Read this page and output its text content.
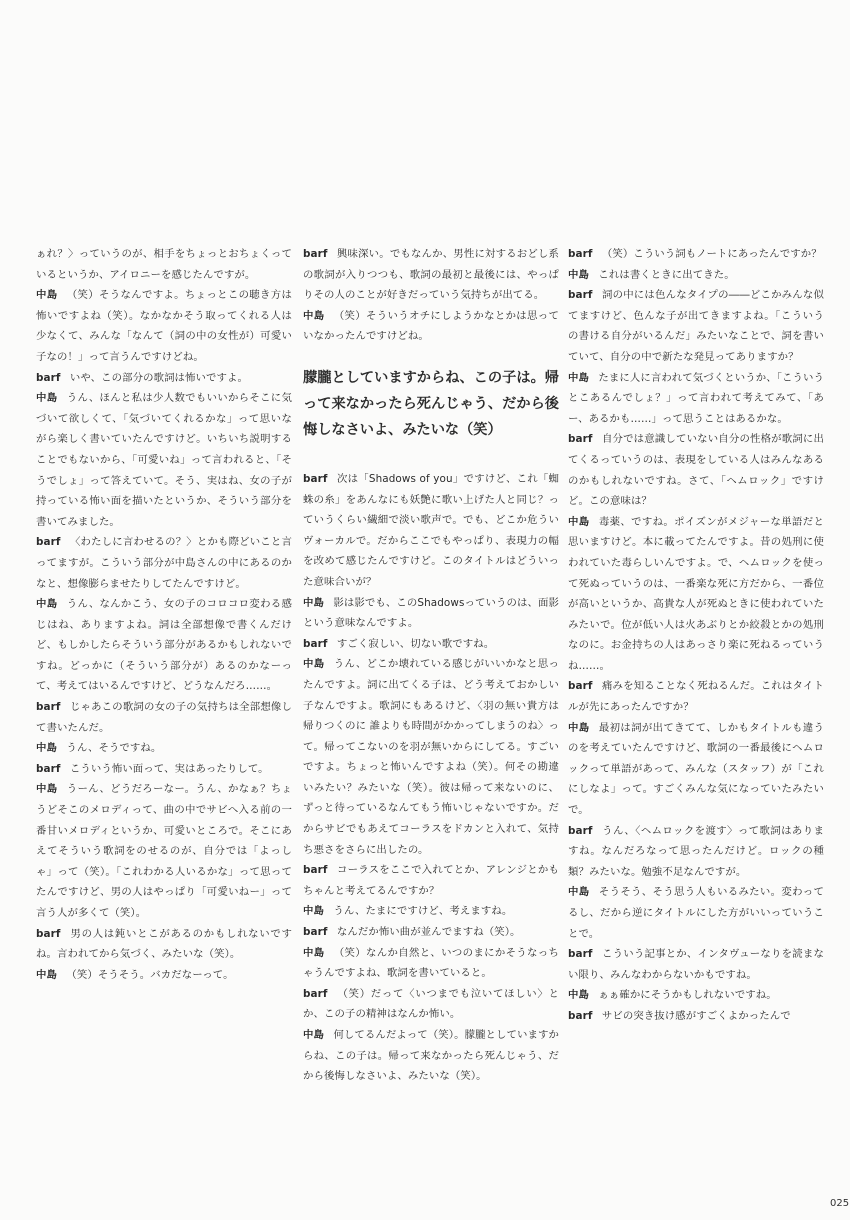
ぁれ？〉っていうのが、相手をちょっとおちょくっているというか、アイロニーを感じたんですが。

中島 （笑）そうなんですよ。ちょっとこの聴き方は怖いですよね（笑）。なかなかそう取ってくれる人は少なくて、みんな「なんて（詞の中の女性が）可愛い子なの！」って言うんですけどね。

barf いや、この部分の歌詞は怖いですよ。

中島 うん、ほんと私は少人数でもいいからそこに気づいて欲しくて、「気づいてくれるかな」って思いながら楽しく書いていたんですけど。いちいち説明することでもないから、「可愛いね」って言われると、「そうでしょ」って答えていて。そう、実はね、女の子が持っている怖い面を描いたというか、そういう部分を書いてみました。

barf 〈わたしに言わせるの？〉とかも際どいこと言ってますが。こういう部分が中島さんの中にあるのかなと、想像膨らませたりしてたんですけど。

中島 うん、なんかこう、女の子のコロコロ変わる感じはね、ありますよね。詞は全部想像で書くんだけど、もしかしたらそういう部分があるかもしれないですね。どっかに（そういう部分が）あるのかなーって、考えてはいるんですけど、どうなんだろ……。

barf じゃあこの歌詞の女の子の気持ちは全部想像して書いたんだ。

中島 うん、そうですね。

barf こういう怖い面って、実はあったりして。

中島 うーん、どうだろーなー。うん、かなぁ？ちょうどそこのメロディって、曲の中でサビへ入る前の一番甘いメロディというか、可愛いところで。そこにあえてそういう歌詞をのせるのが、自分では「よっしゃ」って（笑）。「これわかる人いるかな」って思ってたんですけど、男の人はやっぱり「可愛いねー」って言う人が多くて（笑）。

barf 男の人は鈍いとこがあるのかもしれないですね。言われてから気づく、みたいな（笑）。

中島 （笑）そうそう。バカだなーって。

barf 興味深い。でもなんか、男性に対するおどし系の歌詞が入りつつも、歌詞の最初と最後には、やっぱりその人のことが好きだっていう気持ちが出てる。

中島 （笑）そういうオチにしようかなとかは思っていなかったんですけどね。

朦朧としていますからね、この子は。帰って来なかったら死んじゃう、だから後悔しなさいよ、みたいな（笑）

barf 次は「Shadows of you」ですけど、これ「蜘蛛の糸」をあんなにも妖艶に歌い上げた人と同じ？っていうくらい繊細で淡い歌声で。でも、どこか危ういヴォーカルで。だからここでもやっぱり、表現力の幅を改めて感じたんですけど。このタイトルはどういった意味合いが？

中島 影は影でも、このShadowsっていうのは、面影という意味なんですよ。

barf すごく寂しい、切ない歌ですね。

中島 うん、どこか壊れている感じがいいかなと思ったんですよ。詞に出てくる子は、どう考えておかしい子なんですよ。歌詞にもあるけど、〈羽の無い貴方は帰りつくのに 誰よりも時間がかかってしまうのね〉って。帰ってこないのを羽が無いからにしてる。すごいですよ。ちょっと怖いんですよね（笑）。何その勘違いみたい？みたいな（笑）。彼は帰って来ないのに、ずっと待っているなんてもう怖いじゃないですか。だからサビでもあえてコーラスをドカンと入れて、気持ち悪さをさらに出したの。

barf コーラスをここで入れてとか、アレンジとかもちゃんと考えてるんですか？

中島 うん、たまにですけど、考えますね。

barf なんだか怖い曲が並んでますね（笑）。

中島 （笑）なんか自然と、いつのまにかそうなっちゃうんですよね、歌詞を書いていると。

barf （笑）だって〈いつまでも泣いてほしい〉とか、この子の精神はなんか怖い。

中島 何してるんだよって（笑）。朦朧としていますからね、この子は。帰って来なかったら死んじゃう、だから後悔しなさいよ、みたいな（笑）。

barf （笑）こういう詞もノートにあったんですか？

中島 これは書くときに出てきた。

barf 詞の中には色んなタイプの――どこかみんな似てますけど、色んな子が出てきますよね。「こういうの書ける自分がいるんだ」みたいなことで、詞を書いていて、自分の中で新たな発見ってありますか？

中島 たまに人に言われて気づくというか、「こういうとこあるんでしょ？」って言われて考えてみて、「あー、あるかも……」って思うことはあるかな。

barf 自分では意識していない自分の性格が歌詞に出てくるっていうのは、表現をしている人はみんなあるのかもしれないですね。さて、「ヘムロック」ですけど。この意味は？

中島 毒薬、ですね。ポイズンがメジャーな単語だと思いますけど。本に載ってたんですよ。昔の処刑に使われていた毒らしいんですよ。で、ヘムロックを使って死ぬっていうのは、一番楽な死に方だから、一番位が高いというか、高貴な人が死ぬときに使われていたみたいで。位が低い人は火あぶりとか絞殺とかの処刑なのに。お金持ちの人はあっさり楽に死ねるっていうね……。

barf 痛みを知ることなく死ねるんだ。これはタイトルが先にあったんですか？

中島 最初は詞が出てきてて、しかもタイトルも違うのを考えていたんですけど、歌詞の一番最後にヘムロックって単語があって、みんな（スタッフ）が「これにしなよ」って。すごくみんな気になっていたみたいで。

barf うん、〈ヘムロックを渡す〉って歌詞はありますね。なんだろなって思ったんだけど。ロックの種類？みたいな。勉強不足なんですが。

中島 そうそう、そう思う人もいるみたい。変わってるし、だから逆にタイトルにした方がいいっていうことで。

barf こういう記事とか、インタヴューなりを読まない限り、みんなわからないかもですね。

中島 ぁぁ確かにそうかもしれないですね。

barf サビの突き抜け感がすごくよかったんで

025
